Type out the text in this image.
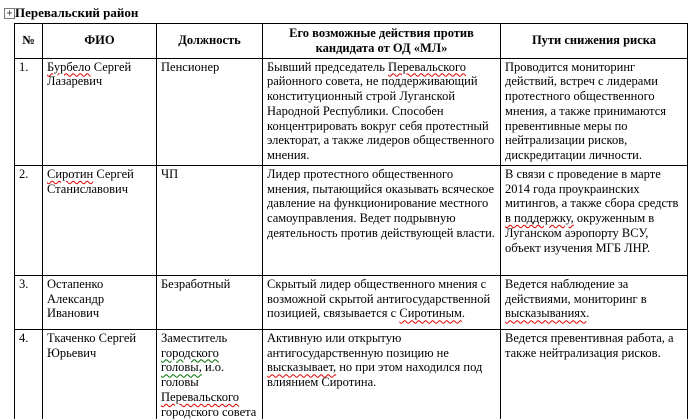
+ Перевальский район
№	ФИО	Должность	Его возможные действия против кандидата от ОД «МЛ»	Пути снижения риска
1.	Бурбело Сергей Лазаревич	Пенсионер	Бывший председатель Перевальского районного совета, не поддерживающий конституционный строй Луганской Народной Республики. Способен концентрировать вокруг себя протестный электорат, а также лидеров общественного мнения.	Проводится мониторинг действий, встреч с лидерами протестного общественного мнения, а также принимаются превентивные меры по нейтрализации рисков, дискредитации личности.
2.	Сиротин Сергей Станиславович	ЧП	Лидер протестного общественного мнения, пытающийся оказывать всяческое давление на функционирование местного самоуправления. Ведет подрывную деятельность против действующей власти.	В связи с проведение в марте 2014 года проукраинских митингов, а также сбора средств в поддержку, окруженным в Луганском аэропорту ВСУ, объект изучения МГБ ЛНР.
3.	Остапенко Александр Иванович	Безработный	Скрытый лидер общественного мнения с возможной скрытой антигосударственной позицией, связывается с Сиротиным.	Ведется наблюдение за действиями, мониторинг в высказываниях.
4.	Ткаченко Сергей Юрьевич	Заместитель городского головы, и.о. головы Перевальского городского совета	Активную или открытую антигосударственную позицию не высказывает, но при этом находился под влиянием Сиротина.	Ведется превентивная работа, а также нейтрализация рисков.
